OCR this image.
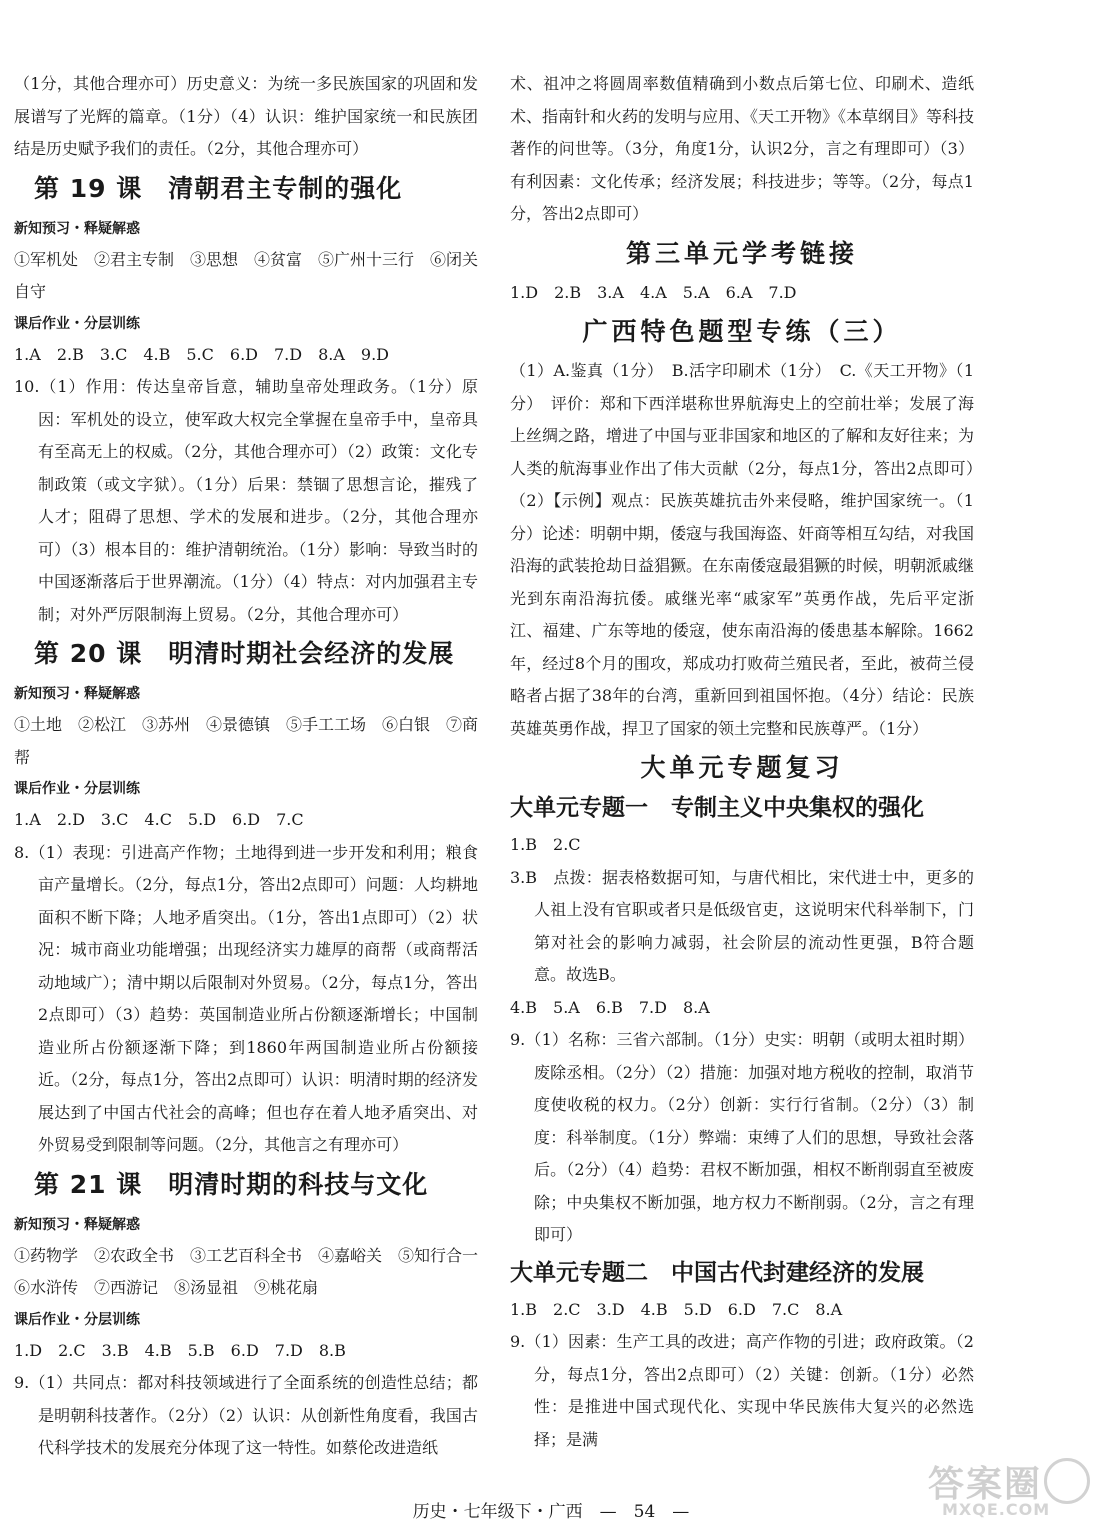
（1分，其他合理亦可）历史意义：为统一多民族国家的巩固和发展谱写了光辉的篇章。（1分）（4）认识：维护国家统一和民族团结是历史赋予我们的责任。（2分，其他合理亦可）
第 19 课　清朝君主专制的强化
新知预习・释疑解惑
①军机处　②君主专制　③思想　④贫富　⑤广州十三行　⑥闭关自守
课后作业・分层训练
1.A　2.B　3.C　4.B　5.C　6.D　7.D　8.A　9.D
10.（1）作用：传达皇帝旨意，辅助皇帝处理政务。（1分）原因：军机处的设立，使军政大权完全掌握在皇帝手中，皇帝具有至高无上的权威。（2分，其他合理亦可）（2）政策：文化专制政策（或文字狱）。（1分）后果：禁锢了思想言论，摧残了人才；阻碍了思想、学术的发展和进步。（2分，其他合理亦可）（3）根本目的：维护清朝统治。（1分）影响：导致当时的中国逐渐落后于世界潮流。（1分）（4）特点：对内加强君主专制；对外严厉限制海上贸易。（2分，其他合理亦可）
第 20 课　明清时期社会经济的发展
新知预习・释疑解惑
①土地　②松江　③苏州　④景德镇　⑤手工工场　⑥白银　⑦商帮
课后作业・分层训练
1.A　2.D　3.C　4.C　5.D　6.D　7.C
8.（1）表现：引进高产作物；土地得到进一步开发和利用；粮食亩产量增长。（2分，每点1分，答出2点即可）问题：人均耕地面积不断下降；人地矛盾突出。（1分，答出1点即可）（2）状况：城市商业功能增强；出现经济实力雄厚的商帮（或商帮活动地域广）；清中期以后限制对外贸易。（2分，每点1分，答出2点即可）（3）趋势：英国制造业所占份额逐渐增长；中国制造业所占份额逐渐下降；到1860年两国制造业所占份额接近。（2分，每点1分，答出2点即可）认识：明清时期的经济发展达到了中国古代社会的高峰；但也存在着人地矛盾突出、对外贸易受到限制等问题。（2分，其他言之有理亦可）
第 21 课　明清时期的科技与文化
新知预习・释疑解惑
①药物学　②农政全书　③工艺百科全书　④嘉峪关　⑤知行合一　⑥水浒传　⑦西游记　⑧汤显祖　⑨桃花扇
课后作业・分层训练
1.D　2.C　3.B　4.B　5.B　6.D　7.D　8.B
9.（1）共同点：都对科技领域进行了全面系统的创造性总结；都是明朝科技著作。（2分）（2）认识：从创新性角度看，我国古代科学技术的发展充分体现了这一特性。如蔡伦改进造纸
术、祖冲之将圆周率数值精确到小数点后第七位、印刷术、造纸术、指南针和火药的发明与应用、《天工开物》《本草纲目》等科技著作的问世等。（3分，角度1分，认识2分，言之有理即可）（3）有利因素：文化传承；经济发展；科技进步；等等。（2分，每点1分，答出2点即可）
第三单元学考链接
1.D　2.B　3.A　4.A　5.A　6.A　7.D
广西特色题型专练（三）
（1）A.鉴真（1分）　B.活字印刷术（1分）　C.《天工开物》（1分）　评价：郑和下西洋堪称世界航海史上的空前壮举；发展了海上丝绸之路，增进了中国与亚非国家和地区的了解和友好往来；为人类的航海事业作出了伟大贡献（2分，每点1分，答出2点即可）　（2）【示例】观点：民族英雄抗击外来侵略，维护国家统一。（1分）论述：明朝中期，倭寇与我国海盗、奸商等相互勾结，对我国沿海的武装抢劫日益猖獗。在东南倭寇最猖獗的时候，明朝派戚继光到东南沿海抗倭。戚继光率“戚家军”英勇作战，先后平定浙江、福建、广东等地的倭寇，使东南沿海的倭患基本解除。1662年，经过8个月的围攻，郑成功打败荷兰殖民者，至此，被荷兰侵略者占据了38年的台湾，重新回到祖国怀抱。（4分）结论：民族英雄英勇作战，捍卫了国家的领土完整和民族尊严。（1分）
大单元专题复习
大单元专题一　专制主义中央集权的强化
1.B　2.C
3.B　点拨：据表格数据可知，与唐代相比，宋代进士中，更多的人祖上没有官职或者只是低级官吏，这说明宋代科举制下，门第对社会的影响力减弱，社会阶层的流动性更强，B符合题意。故选B。
4.B　5.A　6.B　7.D　8.A
9.（1）名称：三省六部制。（1分）史实：明朝（或明太祖时期）废除丞相。（2分）（2）措施：加强对地方税收的控制，取消节度使收税的权力。（2分）创新：实行行省制。（2分）（3）制度：科举制度。（1分）弊端：束缚了人们的思想，导致社会落后。（2分）（4）趋势：君权不断加强，相权不断削弱直至被废除；中央集权不断加强，地方权力不断削弱。（2分，言之有理即可）
大单元专题二　中国古代封建经济的发展
1.B　2.C　3.D　4.B　5.D　6.D　7.C　8.A
9.（1）因素：生产工具的改进；高产作物的引进；政府政策。（2分，每点1分，答出2点即可）（2）关键：创新。（1分）必然性：是推进中国式现代化、实现中华民族伟大复兴的必然选择；是满
历史・七年级下・广西　—　54　—
答案圈
MXQE.COM
